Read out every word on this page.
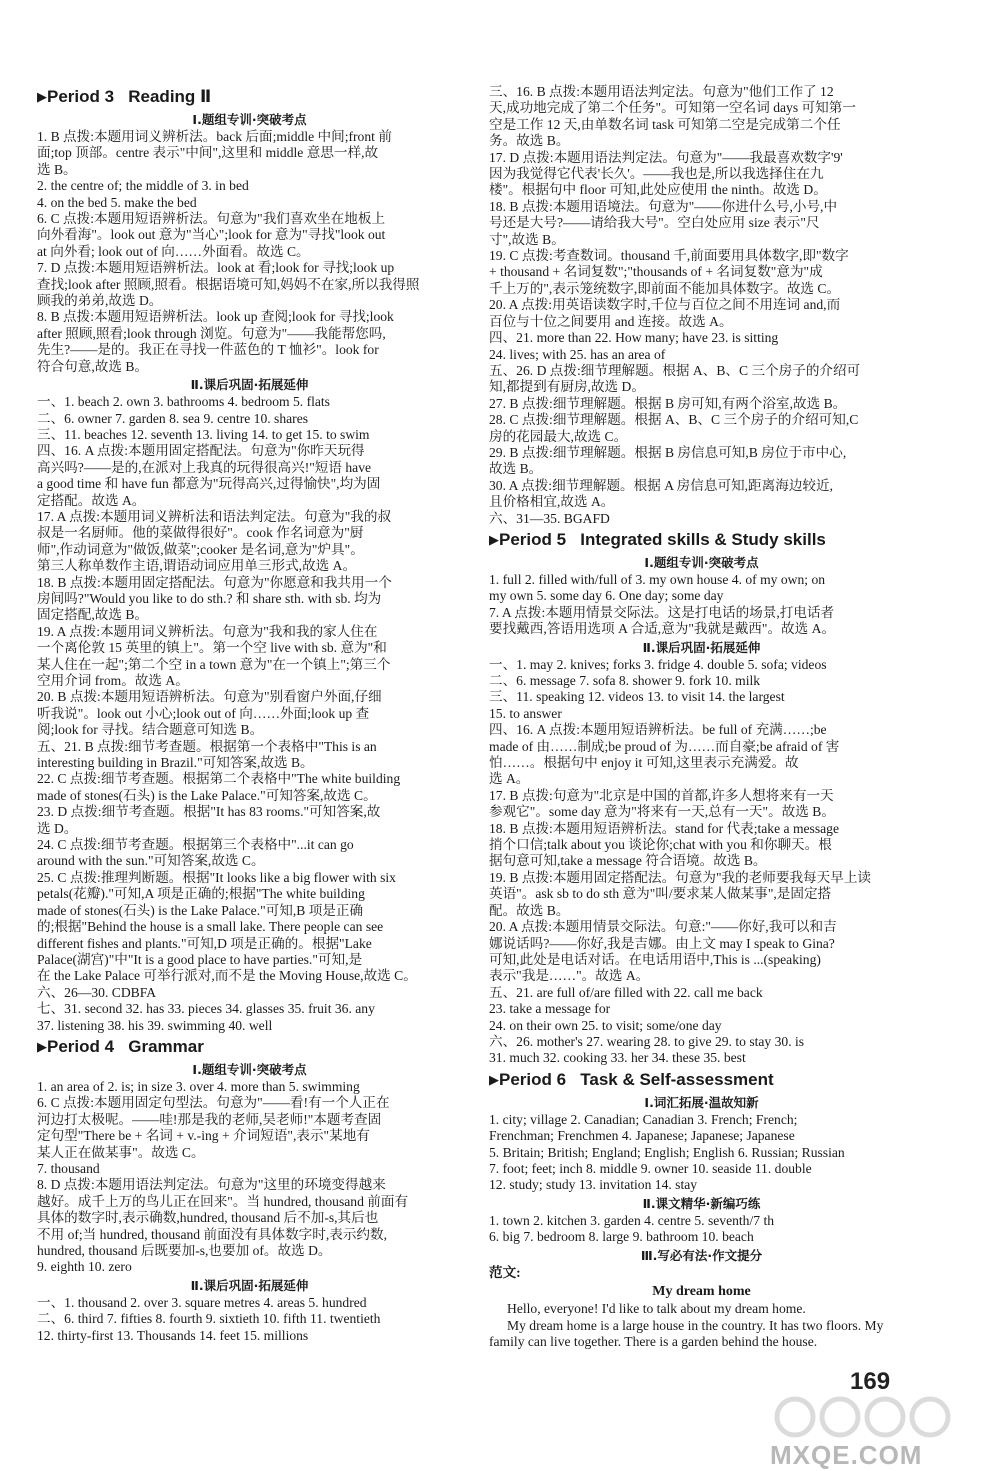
▶Period 3   Reading Ⅱ
Ⅰ.题组专训·突破考点
1. B 点拨:本题用词义辨析法。back 后面;middle 中间;front 前
面;top 顶部。centre 表示"中间",这里和 middle 意思一样,故
选 B。
2. the centre of; the middle of 3. in bed
4. on the bed 5. make the bed
6. C 点拨:本题用短语辨析法。句意为"我们喜欢坐在地板上
向外看海"。look out 意为"当心";look for 意为"寻找"look out
at 向外看; look out of 向……外面看。故选 C。
7. D 点拨:本题用短语辨析法。look at 看;look for 寻找;look up
查找;look after 照顾,照看。根据语境可知,妈妈不在家,所以我得照
顾我的弟弟,故选 D。
8. B 点拨:本题用短语辨析法。look up 查阅;look for 寻找;look
after 照顾,照看;look through 浏览。句意为"——我能帮您吗,
先生?——是的。我正在寻找一件蓝色的 T 恤衫"。look for
符合句意,故选 B。
Ⅱ.课后巩固·拓展延伸
一、1. beach 2. own 3. bathrooms 4. bedroom 5. flats
二、6. owner 7. garden 8. sea 9. centre 10. shares
三、11. beaches 12. seventh 13. living 14. to get 15. to swim
四、16. A 点拨:本题用固定搭配法。句意为"你昨天玩得
高兴吗?——是的,在派对上我真的玩得很高兴!"短语 have
a good time 和 have fun 都意为"玩得高兴,过得愉快",均为固
定搭配。故选 A。
17. A 点拨:本题用词义辨析法和语法判定法。句意为"我的叔
叔是一名厨师。他的菜做得很好"。cook 作名词意为"厨
师",作动词意为"做饭,做菜";cooker 是名词,意为"炉具"。
第三人称单数作主语,谓语动词应用单三形式,故选 A。
18. B 点拨:本题用固定搭配法。句意为"你愿意和我共用一个
房间吗?"Would you like to do sth.? 和 share sth. with sb. 均为
固定搭配,故选 B。
19. A 点拨:本题用词义辨析法。句意为"我和我的家人住在
一个离伦敦 15 英里的镇上"。第一个空 live with sb. 意为"和
某人住在一起";第二个空 in a town 意为"在一个镇上";第三个
空用介词 from。故选 A。
20. B 点拨:本题用短语辨析法。句意为"别看窗户外面,仔细
听我说"。look out 小心;look out of 向……外面;look up 查
阅;look for 寻找。结合题意可知选 B。
五、21. B 点拨:细节考查题。根据第一个表格中"This is an
interesting building in Brazil."可知答案,故选 B。
22. C 点拨:细节考查题。根据第二个表格中"The white building
made of stones(石头) is the Lake Palace."可知答案,故选 C。
23. D 点拨:细节考查题。根据"It has 83 rooms."可知答案,故
选 D。
24. C 点拨:细节考查题。根据第三个表格中"...it can go
around with the sun."可知答案,故选 C。
25. C 点拨:推理判断题。根据"It looks like a big flower with six
petals(花瓣)."可知,A 项是正确的;根据"The white building
made of stones(石头) is the Lake Palace."可知,B 项是正确
的;根据"Behind the house is a small lake. There people can see
different fishes and plants."可知,D 项是正确的。根据"Lake
Palace(湖宫)"中"It is a good place to have parties."可知,是
在 the Lake Palace 可举行派对,而不是 the Moving House,故选 C。
六、26—30. CDBFA
七、31. second 32. has 33. pieces 34. glasses 35. fruit 36. any
37. listening 38. his 39. swimming 40. well
▶Period 4   Grammar
Ⅰ.题组专训·突破考点
1. an area of 2. is; in size 3. over 4. more than 5. swimming
6. C 点拨:本题用固定句型法。句意为"——看!有一个人正在
河边打太极呢。——哇!那是我的老师,吴老师!"本题考查固
定句型"There be + 名词 + v.-ing + 介词短语",表示"某地有
某人正在做某事"。故选 C。
7. thousand
8. D 点拨:本题用语法判定法。句意为"这里的环境变得越来
越好。成千上万的鸟儿正在回来"。当 hundred, thousand 前面有
具体的数字时,表示确数,hundred, thousand 后不加-s,其后也
不用 of;当 hundred, thousand 前面没有具体数字时,表示约数,
hundred, thousand 后既要加-s,也要加 of。故选 D。
9. eighth 10. zero
Ⅱ.课后巩固·拓展延伸
一、1. thousand 2. over 3. square metres 4. areas 5. hundred
二、6. third 7. fifties 8. fourth 9. sixtieth 10. fifth 11. twentieth
12. thirty-first 13. Thousands 14. feet 15. millions
三、16. B 点拨:本题用语法判定法。句意为"他们工作了 12
天,成功地完成了第二个任务"。可知第一空名词 days 可知第一
空是工作 12 天,由单数名词 task 可知第二空是完成第二个任
务。故选 B。
17. D 点拨:本题用语法判定法。句意为"——我最喜欢数字'9'
因为我觉得它代表'长久'。——我也是,所以我选择住在九
楼"。根据句中 floor 可知,此处应使用 the ninth。故选 D。
18. B 点拨:本题用语境法。句意为"——你进什么号,小号,中
号还是大号?——请给我大号"。空白处应用 size 表示"尺
寸",故选 B。
19. C 点拨:考查数词。thousand 千,前面要用具体数字,即"数字
+ thousand + 名词复数";"thousands of + 名词复数"意为"成
千上万的",表示笼统数字,即前面不能加具体数字。故选 C。
20. A 点拨:用英语读数字时,千位与百位之间不用连词 and,而
百位与十位之间要用 and 连接。故选 A。
四、21. more than 22. How many; have 23. is sitting
24. lives; with 25. has an area of
五、26. D 点拨:细节理解题。根据 A、B、C 三个房子的介绍可
知,都提到有厨房,故选 D。
27. B 点拨:细节理解题。根据 B 房可知,有两个浴室,故选 B。
28. C 点拨:细节理解题。根据 A、B、C 三个房子的介绍可知,C
房的花园最大,故选 C。
29. B 点拨:细节理解题。根据 B 房信息可知,B 房位于市中心,
故选 B。
30. A 点拨:细节理解题。根据 A 房信息可知,距离海边较近,
且价格相宜,故选 A。
六、31—35. BGAFD
▶Period 5   Integrated skills & Study skills
Ⅰ.题组专训·突破考点
1. full 2. filled with/full of 3. my own house 4. of my own; on
my own 5. some day 6. One day; some day
7. A 点拨:本题用情景交际法。这是打电话的场景,打电话者
要找戴西,答语用选项 A 合适,意为"我就是戴西"。故选 A。
Ⅱ.课后巩固·拓展延伸
一、1. may 2. knives; forks 3. fridge 4. double 5. sofa; videos
二、6. message 7. sofa 8. shower 9. fork 10. milk
三、11. speaking 12. videos 13. to visit 14. the largest
15. to answer
四、16. A 点拨:本题用短语辨析法。be full of 充满……;be
made of 由……制成;be proud of 为……而自豪;be afraid of 害
怕……。根据句中 enjoy it 可知,这里表示充满爱。故
选 A。
17. B 点拨:句意为"北京是中国的首都,许多人想将来有一天
参观它"。some day 意为"将来有一天,总有一天"。故选 B。
18. B 点拨:本题用短语辨析法。stand for 代表;take a message
捎个口信;talk about you 谈论你;chat with you 和你聊天。根
据句意可知,take a message 符合语境。故选 B。
19. B 点拨:本题用固定搭配法。句意为"我的老师要我每天早上读
英语"。ask sb to do sth 意为"叫/要求某人做某事",是固定搭
配。故选 B。
20. A 点拨:本题用情景交际法。句意:"——你好,我可以和吉
娜说话吗?——你好,我是吉娜。由上文 may I speak to Gina?
可知,此处是电话对话。在电话用语中,This is ...(speaking)
表示"我是……"。故选 A。
五、21. are full of/are filled with 22. call me back
23. take a message for
24. on their own 25. to visit; some/one day
六、26. mother's 27. wearing 28. to give 29. to stay 30. is
31. much 32. cooking 33. her 34. these 35. best
▶Period 6   Task & Self-assessment
Ⅰ.词汇拓展·温故知新
1. city; village 2. Canadian; Canadian 3. French; French;
Frenchman; Frenchmen 4. Japanese; Japanese; Japanese
5. Britain; British; England; English; English 6. Russian; Russian
7. foot; feet; inch 8. middle 9. owner 10. seaside 11. double
12. study; study 13. invitation 14. stay
Ⅱ.课文精华·新编巧练
1. town 2. kitchen 3. garden 4. centre 5. seventh/7 th
6. big 7. bedroom 8. large 9. bathroom 10. beach
Ⅲ.写必有法·作文提分
范文:
My dream home
Hello, everyone! I'd like to talk about my dream home.
My dream home is a large house in the country. It has two floors. My family can live together. There is a garden behind the house.
169
MXQE.COM
